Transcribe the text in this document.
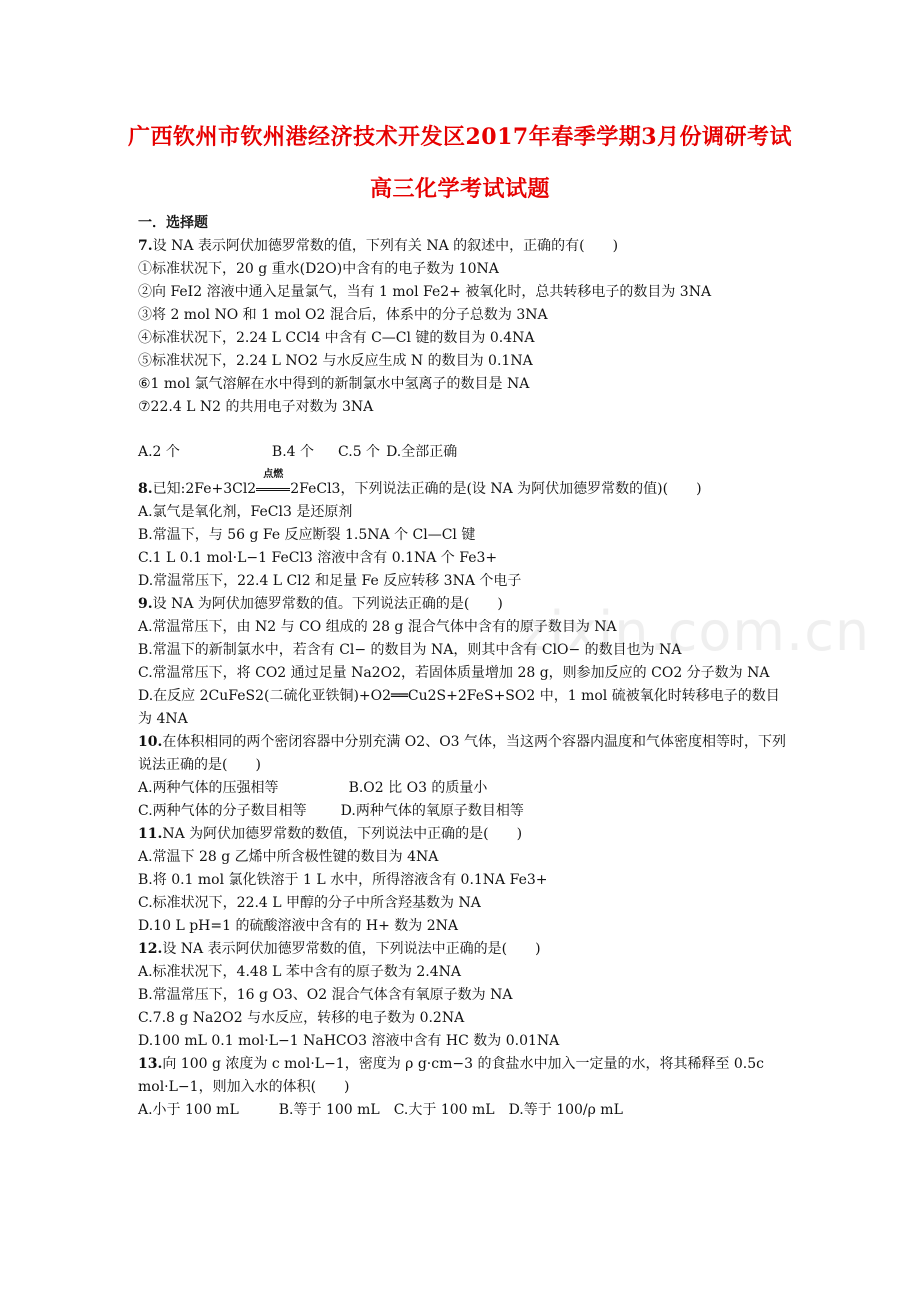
广西钦州市钦州港经济技术开发区2017年春季学期3月份调研考试
高三化学考试试题
zixin.com.cn
一．选择题
7.设 NA 表示阿伏加德罗常数的值，下列有关 NA 的叙述中，正确的有(　　)
①标准状况下，20 g 重水(D2O)中含有的电子数为 10NA
②向 FeI2 溶液中通入足量氯气，当有 1 mol Fe2+ 被氧化时，总共转移电子的数目为 3NA
③将 2 mol NO 和 1 mol O2 混合后，体系中的分子总数为 3NA
④标准状况下，2.24 L CCl4 中含有 C—Cl 键的数目为 0.4NA
⑤标准状况下，2.24 L NO2 与水反应生成 N 的数目为 0.1NA
⑥1 mol 氯气溶解在水中得到的新制氯水中氢离子的数目是 NA
⑦22.4 L N2 的共用电子对数为 3NA
A.2 个	B.4 个 C.5 个 D.全部正确
8.已知:2Fe+3Cl2
点燃
2FeCl3，下列说法正确的是(设 NA 为阿伏加德罗常数的值)(　　)
A.氯气是氧化剂，FeCl3 是还原剂
B.常温下，与 56 g Fe 反应断裂 1.5NA 个 Cl—Cl 键
C.1 L 0.1 mol·L−1 FeCl3 溶液中含有 0.1NA 个 Fe3+
D.常温常压下，22.4 L Cl2 和足量 Fe 反应转移 3NA 个电子
9.设 NA 为阿伏加德罗常数的值。下列说法正确的是(　　)
A.常温常压下，由 N2 与 CO 组成的 28 g 混合气体中含有的原子数目为 NA
B.常温下的新制氯水中，若含有 Cl− 的数目为 NA，则其中含有 ClO− 的数目也为 NA
C.常温常压下，将 CO2 通过足量 Na2O2，若固体质量增加 28 g，则参加反应的 CO2 分子数为 NA
D.在反应 2CuFeS2(二硫化亚铁铜)+O2══Cu2S+2FeS+SO2 中，1 mol 硫被氧化时转移电子的数目为 4NA
10.在体积相同的两个密闭容器中分别充满 O2、O3 气体，当这两个容器内温度和气体密度相等时，下列说法正确的是(　　)
A.两种气体的压强相等	B.O2 比 O3 的质量小
C.两种气体的分子数目相等 D.两种气体的氧原子数目相等
11.NA 为阿伏加德罗常数的数值，下列说法中正确的是(　　)
A.常温下 28 g 乙烯中所含极性键的数目为 4NA
B.将 0.1 mol 氯化铁溶于 1 L 水中，所得溶液含有 0.1NA Fe3+
C.标准状况下，22.4 L 甲醇的分子中所含羟基数为 NA
D.10 L pH=1 的硫酸溶液中含有的 H+ 数为 2NA
12.设 NA 表示阿伏加德罗常数的值，下列说法中正确的是(　　)
A.标准状况下，4.48 L 苯中含有的原子数为 2.4NA
B.常温常压下，16 g O3、O2 混合气体含有氧原子数为 NA
C.7.8 g Na2O2 与水反应，转移的电子数为 0.2NA
D.100 mL 0.1 mol·L−1 NaHCO3 溶液中含有 HC 数为 0.01NA
13.向 100 g 浓度为 c mol·L−1，密度为 ρ g·cm−3 的食盐水中加入一定量的水，将其稀释至 0.5c mol·L−1，则加入水的体积(　　)
A.小于 100 mL	B.等于 100 mL C.大于 100 mL D.等于 100/ρ mL
